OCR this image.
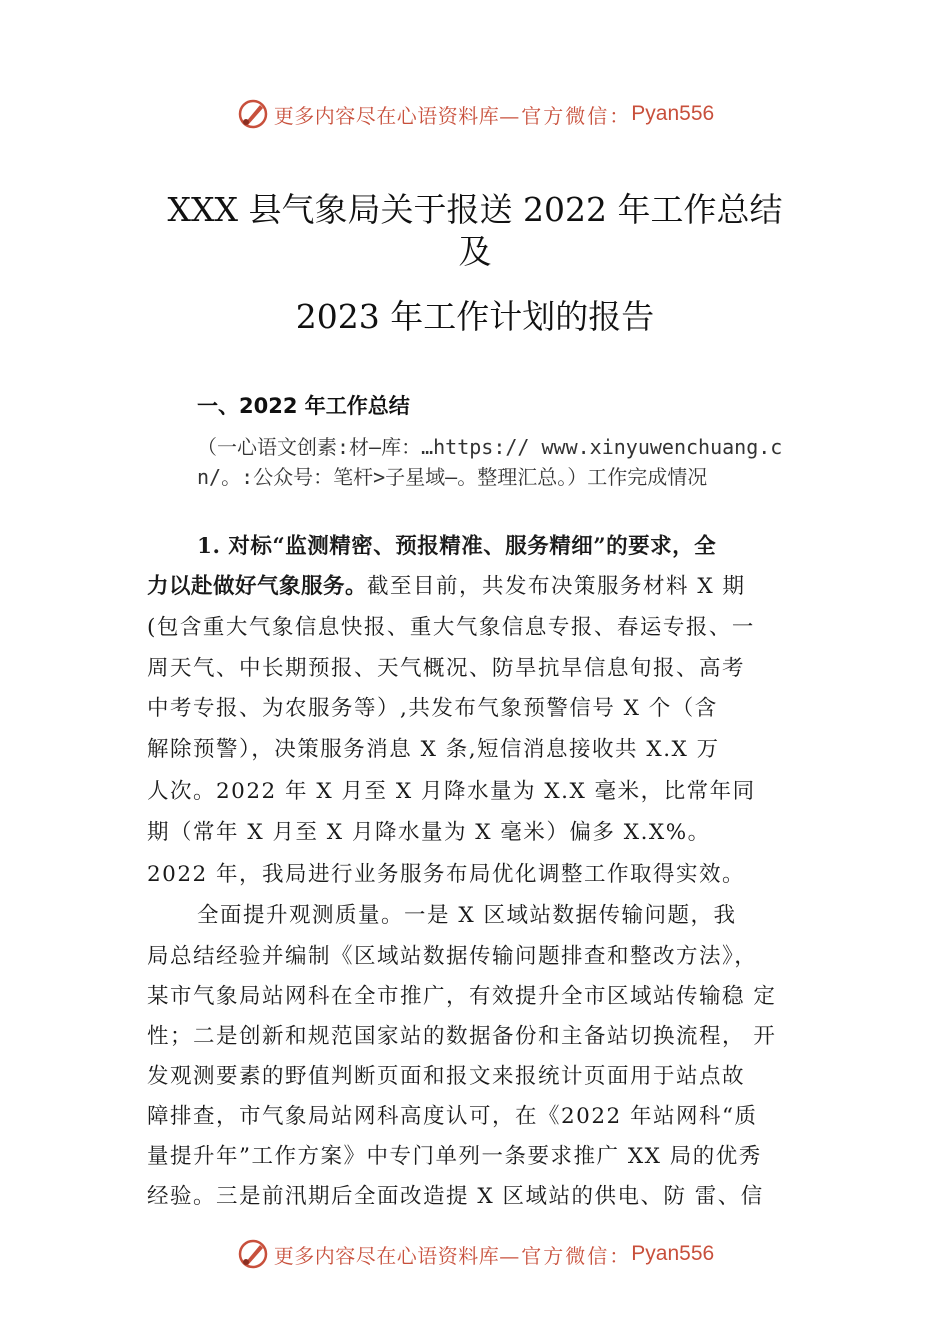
更多内容尽在心语资料库 —官方微信： Pyan556
XXX 县气象局关于报送 2022 年工作总结
及
2023 年工作计划的报告
一、2022 年工作总结
（一心语文创素:材—库：…https:// www.xinyuwenchuang.cn/。:公众号：笔杆>子星域—。整理汇总。）工作完成情况
1. 对标“监测精密、预报精准、服务精细”的要求，全
力以赴做好气象服务。截至目前，共发布决策服务材料 X 期
(包含重大气象信息快报、重大气象信息专报、春运专报、一
周天气、中长期预报、天气概况、防旱抗旱信息旬报、高考
中考专报、为农服务等）,共发布气象预警信号 X 个（含
解除预警），决策服务消息 X 条,短信消息接收共 X.X 万
人次。2022 年 X 月至 X 月降水量为 X.X 毫米，比常年同
期（常年 X 月至 X 月降水量为 X 毫米）偏多 X.X%。
2022 年，我局进行业务服务布局优化调整工作取得实效。
全面提升观测质量。一是 X 区域站数据传输问题，我
局总结经验并编制《区域站数据传输问题排查和整改方法》，
某市气象局站网科在全市推广，有效提升全市区域站传输稳 定
性；二是创新和规范国家站的数据备份和主备站切换流程， 开
发观测要素的野值判断页面和报文来报统计页面用于站点故
障排查，市气象局站网科高度认可，在《2022 年站网科“质
量提升年”工作方案》中专门单列一条要求推广 XX 局的优秀
经验。三是前汛期后全面改造提 X 区域站的供电、防 雷、信
更多内容尽在心语资料库 —官方微信： Pyan556
